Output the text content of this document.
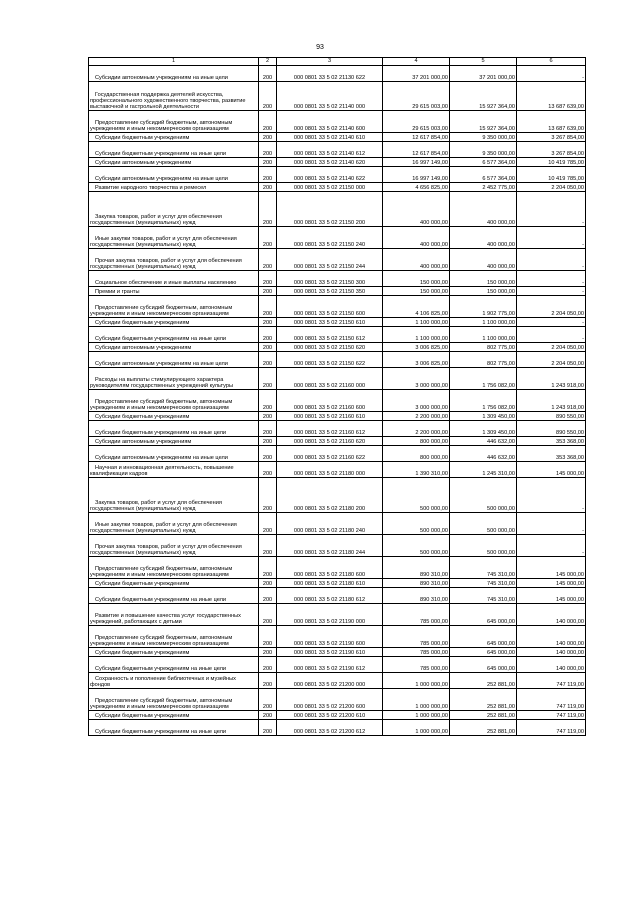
93
1	2	3	4	5	6
Субсидии автономным учреждениям на иные цели	200	000 0801 33 5 02 21130 622	37 201 000,00	37 201 000,00	-
Государственная поддержка деятелей искусства, профессионального художественного творчества, развитие выставочной и гастрольной деятельности	200	000 0801 33 5 02 21140 000	29 615 003,00	15 927 364,00	13 687 639,00
Предоставление субсидий бюджетным, автономным учреждениям и иным некоммерческим организациям	200	000 0801 33 5 02 21140 600	29 615 003,00	15 927 364,00	13 687 639,00
Субсидии бюджетным учреждениям	200	000 0801 33 5 02 21140 610	12 617 854,00	9 350 000,00	3 267 854,00
Субсидии бюджетным учреждениям на иные цели	200	000 0801 33 5 02 21140 612	12 617 854,00	9 350 000,00	3 267 854,00
Субсидии автономным учреждениям	200	000 0801 33 5 02 21140 620	16 997 149,00	6 577 364,00	10 419 785,00
Субсидии автономным учреждениям на иные цели	200	000 0801 33 5 02 21140 622	16 997 149,00	6 577 364,00	10 419 785,00
Развитие народного творчества и ремесел	200	000 0801 33 5 02 21150 000	4 656 825,00	2 452 775,00	2 204 050,00
Закупка товаров, работ и услуг для обеспечения государственных (муниципальных) нужд	200	000 0801 33 5 02 21150 200	400 000,00	400 000,00	-
Иные закупки товаров, работ и услуг для обеспечения государственных (муниципальных) нужд	200	000 0801 33 5 02 21150 240	400 000,00	400 000,00	-
Прочая закупка товаров, работ и услуг для обеспечения государственных (муниципальных) нужд	200	000 0801 33 5 02 21150 244	400 000,00	400 000,00	-
Социальное обеспечение и иные выплаты населению	200	000 0801 33 5 02 21150 300	150 000,00	150 000,00	-
Премии и гранты	200	000 0801 33 5 02 21150 350	150 000,00	150 000,00	-
Предоставление субсидий бюджетным, автономным учреждениям и иным некоммерческим организациям	200	000 0801 33 5 02 21150 600	4 106 825,00	1 902 775,00	2 204 050,00
Субсидии бюджетным учреждениям	200	000 0801 33 5 02 21150 610	1 100 000,00	1 100 000,00	-
Субсидии бюджетным учреждениям на иные цели	200	000 0801 33 5 02 21150 612	1 100 000,00	1 100 000,00	-
Субсидии автономным учреждениям	200	000 0801 33 5 02 21150 620	3 006 825,00	802 775,00	2 204 050,00
Субсидии автономным учреждениям на иные цели	200	000 0801 33 5 02 21150 622	3 006 825,00	802 775,00	2 204 050,00
Расходы на выплаты стимулирующего характера руководителям государственных учреждений культуры	200	000 0801 33 5 02 21160 000	3 000 000,00	1 756 082,00	1 243 918,00
Предоставление субсидий бюджетным, автономным учреждениям и иным некоммерческим организациям	200	000 0801 33 5 02 21160 600	3 000 000,00	1 756 082,00	1 243 918,00
Субсидии бюджетным учреждениям	200	000 0801 33 5 02 21160 610	2 200 000,00	1 309 450,00	890 550,00
Субсидии бюджетным учреждениям на иные цели	200	000 0801 33 5 02 21160 612	2 200 000,00	1 309 450,00	890 550,00
Субсидии автономным учреждениям	200	000 0801 33 5 02 21160 620	800 000,00	446 632,00	353 368,00
Субсидии автономным учреждениям на иные цели	200	000 0801 33 5 02 21160 622	800 000,00	446 632,00	353 368,00
Научная и инновационная деятельность, повышение квалификации кадров	200	000 0801 33 5 02 21180 000	1 390 310,00	1 245 310,00	145 000,00
Закупка товаров, работ и услуг для обеспечения государственных (муниципальных) нужд	200	000 0801 33 5 02 21180 200	500 000,00	500 000,00	-
Иные закупки товаров, работ и услуг для обеспечения государственных (муниципальных) нужд	200	000 0801 33 5 02 21180 240	500 000,00	500 000,00	-
Прочая закупка товаров, работ и услуг для обеспечения государственных (муниципальных) нужд	200	000 0801 33 5 02 21180 244	500 000,00	500 000,00	-
Предоставление субсидий бюджетным, автономным учреждениям и иным некоммерческим организациям	200	000 0801 33 5 02 21180 600	890 310,00	745 310,00	145 000,00
Субсидии бюджетным учреждениям	200	000 0801 33 5 02 21180 610	890 310,00	745 310,00	145 000,00
Субсидии бюджетным учреждениям на иные цели	200	000 0801 33 5 02 21180 612	890 310,00	745 310,00	145 000,00
Развитие и повышение качества услуг государственных учреждений, работающих с детьми	200	000 0801 33 5 02 21190 000	785 000,00	645 000,00	140 000,00
Предоставление субсидий бюджетным, автономным учреждениям и иным некоммерческим организациям	200	000 0801 33 5 02 21190 600	785 000,00	645 000,00	140 000,00
Субсидии бюджетным учреждениям	200	000 0801 33 5 02 21190 610	785 000,00	645 000,00	140 000,00
Субсидии бюджетным учреждениям на иные цели	200	000 0801 33 5 02 21190 612	785 000,00	645 000,00	140 000,00
Сохранность и пополнение библиотечных и музейных фондов	200	000 0801 33 5 02 21200 000	1 000 000,00	252 881,00	747 119,00
Предоставление субсидий бюджетным, автономным учреждениям и иным некоммерческим организациям	200	000 0801 33 5 02 21200 600	1 000 000,00	252 881,00	747 119,00
Субсидии бюджетным учреждениям	200	000 0801 33 5 02 21200 610	1 000 000,00	252 881,00	747 119,00
Субсидии бюджетным учреждениям на иные цели	200	000 0801 33 5 02 21200 612	1 000 000,00	252 881,00	747 119,00
